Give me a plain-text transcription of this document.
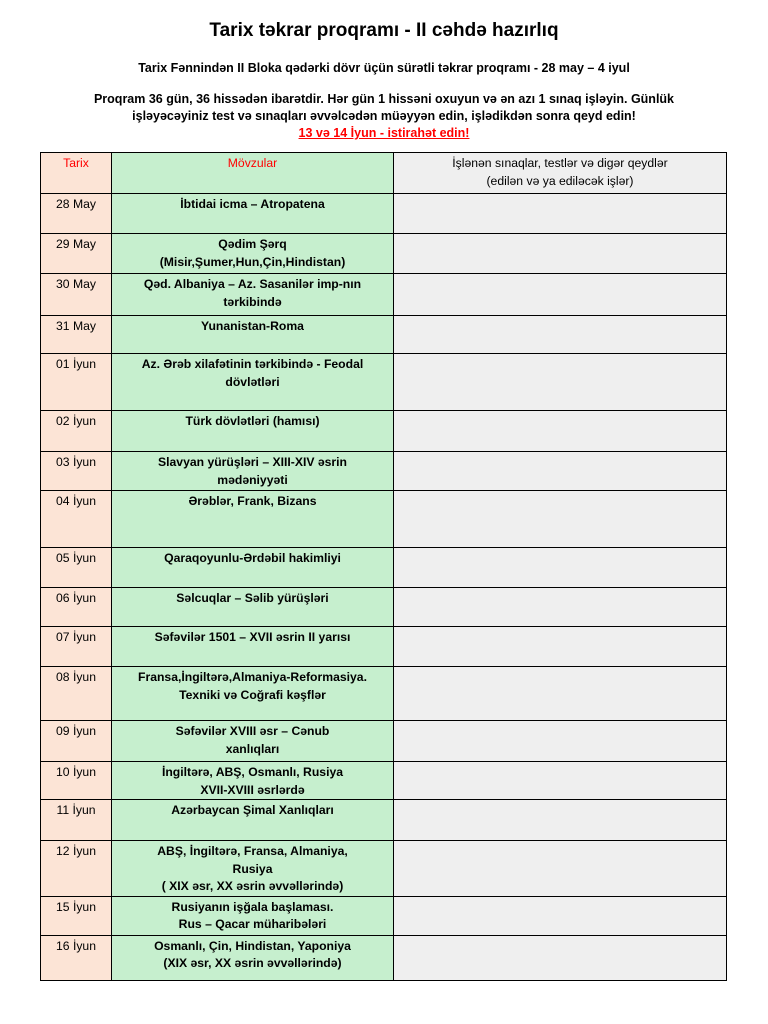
Tarix təkrar proqramı - II cəhdə hazırlıq
Tarix Fənnindən II Bloka qədərki dövr üçün sürətli təkrar proqramı - 28 may – 4 iyul
Proqram 36 gün, 36 hissədən ibarətdir. Hər gün 1 hissəni oxuyun və ən azı 1 sınaq işləyin. Günlük
işləyəcəyiniz test və sınaqları əvvəlcədən müəyyən edin, işlədikdən sonra qeyd edin!
13 və 14 İyun - istirahət edin!
Tarix	Mövzular	İşlənən sınaqlar, testlər və digər qeydlər
(edilən və ya ediləcək işlər)

28 May	İbtidai icma – Atropatena	

29 May	Qədim Şərq
(Misir,Şumer,Hun,Çin,Hindistan)	

30 May	Qəd. Albaniya – Az. Sasanilər imp-nın
tərkibində	

31 May	Yunanistan-Roma	

01 İyun	Az. Ərəb xilafətinin tərkibində - Feodal
dövlətləri	

02 İyun	Türk dövlətləri (hamısı)	

03 İyun	Slavyan yürüşləri – XIII-XIV əsrin
mədəniyyəti	

04 İyun	Ərəblər, Frank, Bizans	

05 İyun	Qaraqoyunlu-Ərdəbil hakimliyi	

06 İyun	Səlcuqlar – Səlib yürüşləri	

07 İyun	Səfəvilər 1501 – XVII əsrin II yarısı	

08 İyun	Fransa,İngiltərə,Almaniya-Reformasiya.
Texniki və Coğrafi kəşflər	

09 İyun	Səfəvilər XVIII əsr – Cənub
xanlıqları	

10 İyun	İngiltərə, ABŞ, Osmanlı, Rusiya
XVII-XVIII əsrlərdə	

11 İyun	Azərbaycan Şimal Xanlıqları	

12 İyun	ABŞ, İngiltərə, Fransa, Almaniya,
Rusiya
( XIX əsr, XX əsrin əvvəllərində)	

15 İyun	Rusiyanın işğala başlaması.
Rus – Qacar müharibələri	

16 İyun	Osmanlı, Çin, Hindistan, Yaponiya
(XIX əsr, XX əsrin əvvəllərində)	
